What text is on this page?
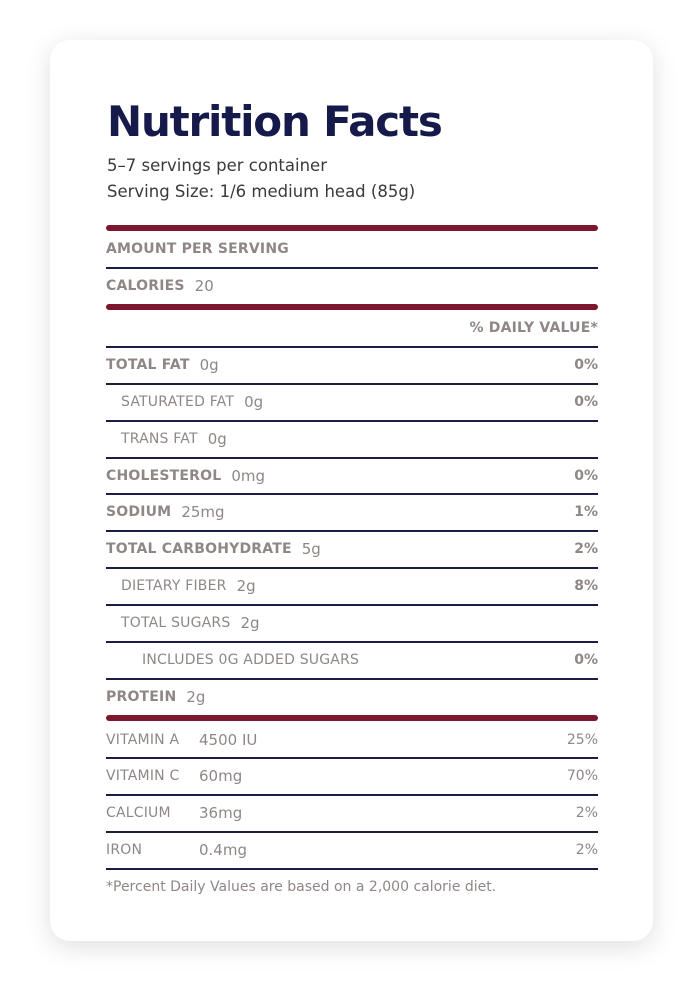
Nutrition Facts
5–7 servings per container
Serving Size: 1/6 medium head (85g)
AMOUNT PER SERVING
CALORIES 20
% DAILY VALUE*
TOTAL FAT 0g	0%
SATURATED FAT 0g	0%
TRANS FAT 0g
CHOLESTEROL 0mg	0%
SODIUM 25mg	1%
TOTAL CARBOHYDRATE 5g	2%
DIETARY FIBER 2g	8%
TOTAL SUGARS 2g
INCLUDES 0G ADDED SUGARS	0%
PROTEIN 2g
VITAMIN A	4500 IU	25%
VITAMIN C	60mg	70%
CALCIUM	36mg	2%
IRON	0.4mg	2%
*Percent Daily Values are based on a 2,000 calorie diet.
